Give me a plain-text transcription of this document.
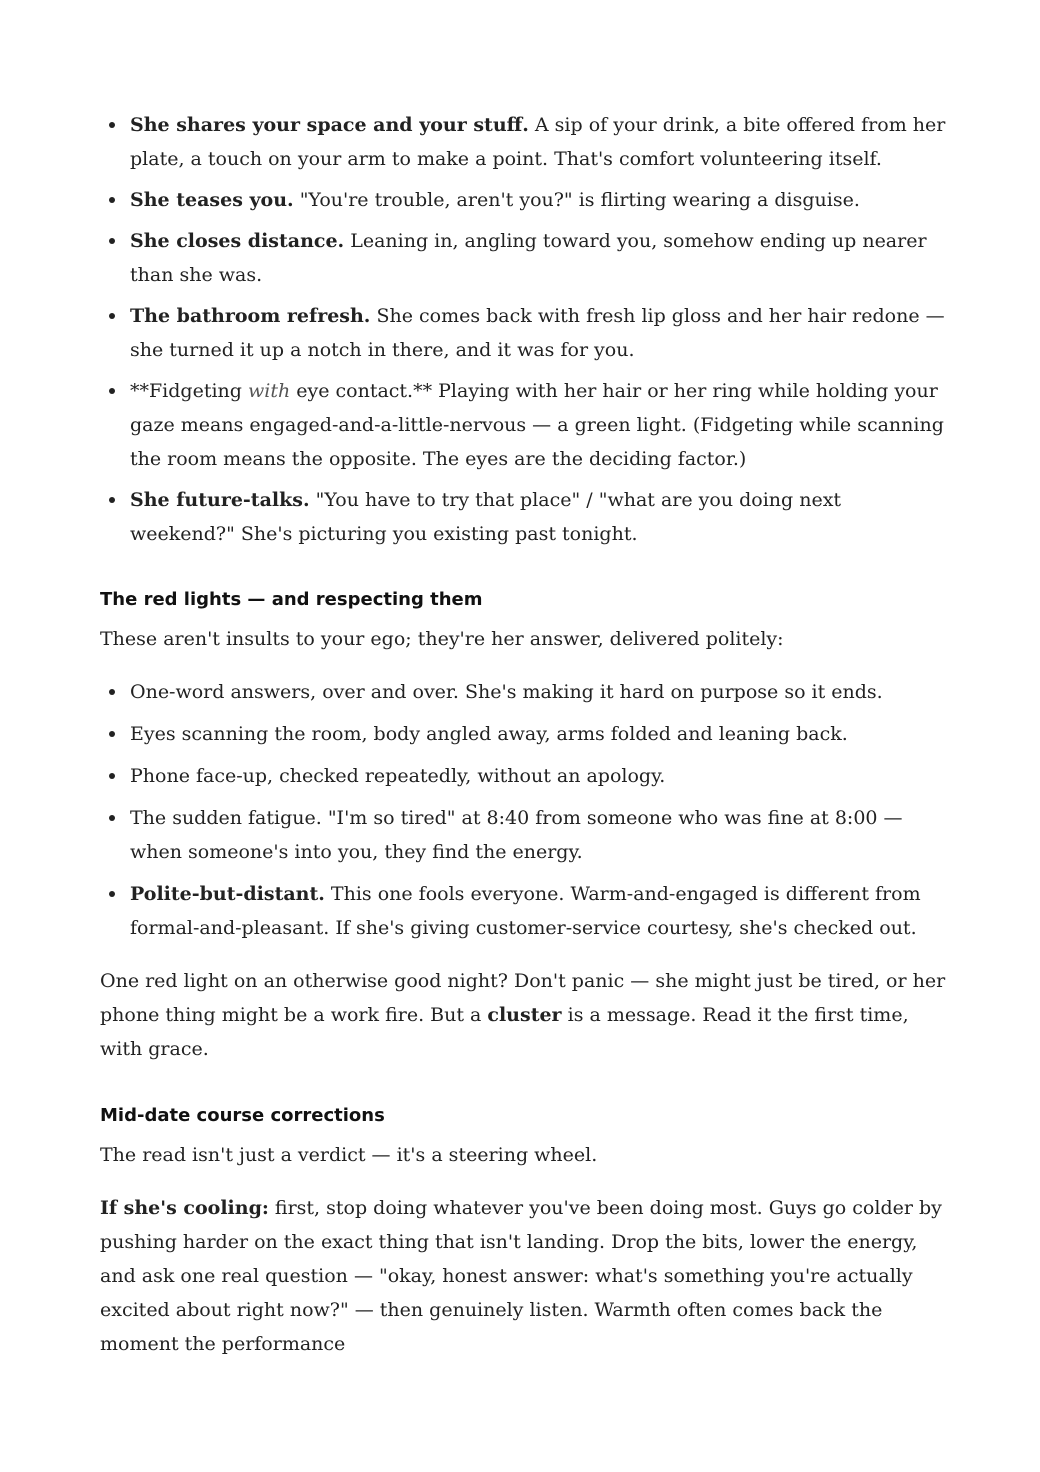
She shares your space and your stuff. A sip of your drink, a bite offered from her plate, a touch on your arm to make a point. That's comfort volunteering itself.
She teases you. "You're trouble, aren't you?" is flirting wearing a disguise.
She closes distance. Leaning in, angling toward you, somehow ending up nearer than she was.
The bathroom refresh. She comes back with fresh lip gloss and her hair redone — she turned it up a notch in there, and it was for you.
**Fidgeting with eye contact.** Playing with her hair or her ring while holding your gaze means engaged-and-a-little-nervous — a green light. (Fidgeting while scanning the room means the opposite. The eyes are the deciding factor.)
She future-talks. "You have to try that place" / "what are you doing next weekend?" She's picturing you existing past tonight.
The red lights — and respecting them

These aren't insults to your ego; they're her answer, delivered politely:

One-word answers, over and over. She's making it hard on purpose so it ends.
Eyes scanning the room, body angled away, arms folded and leaning back.
Phone face-up, checked repeatedly, without an apology.
The sudden fatigue. "I'm so tired" at 8:40 from someone who was fine at 8:00 — when someone's into you, they find the energy.
Polite-but-distant. This one fools everyone. Warm-and-engaged is different from formal-and-pleasant. If she's giving customer-service courtesy, she's checked out.

One red light on an otherwise good night? Don't panic — she might just be tired, or her phone thing might be a work fire. But a cluster is a message. Read it the first time, with grace.

Mid-date course corrections

The read isn't just a verdict — it's a steering wheel.

If she's cooling: first, stop doing whatever you've been doing most. Guys go colder by pushing harder on the exact thing that isn't landing. Drop the bits, lower the energy, and ask one real question — "okay, honest answer: what's something you're actually excited about right now?" — then genuinely listen. Warmth often comes back the moment the performance
